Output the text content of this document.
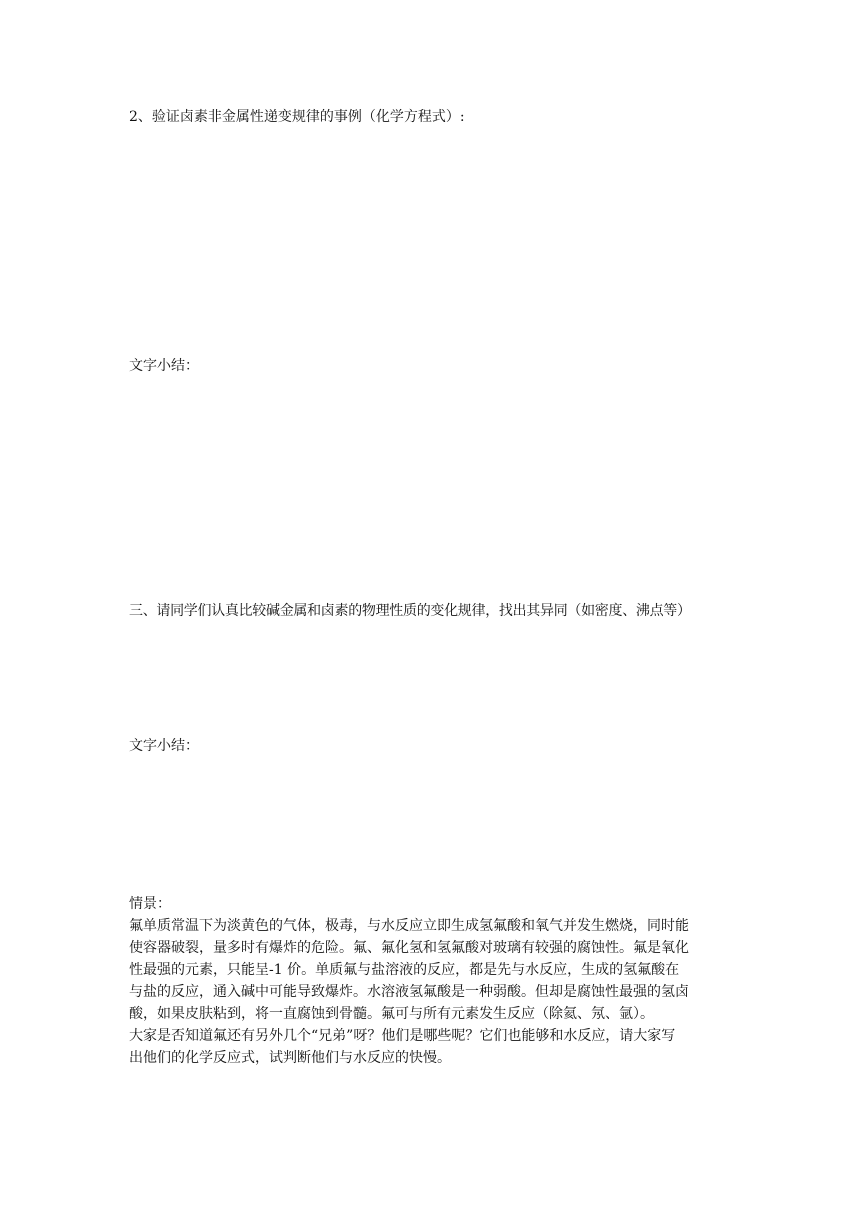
2、验证卤素非金属性递变规律的事例（化学方程式）:
文字小结：
三、请同学们认真比较碱金属和卤素的物理性质的变化规律，找出其异同（如密度、沸点等）
文字小结：

情景：

氟单质常温下为淡黄色的气体，极毒，与水反应立即生成氢氟酸和氧气并发生燃烧，同时能

使容器破裂，量多时有爆炸的危险。氟、氟化氢和氢氟酸对玻璃有较强的腐蚀性。氟是氧化

性最强的元素，只能呈-1 价。单质氟与盐溶液的反应，都是先与水反应，生成的氢氟酸在

与盐的反应，通入碱中可能导致爆炸。水溶液氢氟酸是一种弱酸。但却是腐蚀性最强的氢卤

酸，如果皮肤粘到，将一直腐蚀到骨髓。氟可与所有元素发生反应（除氦、氖、氩）。

大家是否知道氟还有另外几个“兄弟”呀？他们是哪些呢？它们也能够和水反应，请大家写

出他们的化学反应式，试判断他们与水反应的快慢。
